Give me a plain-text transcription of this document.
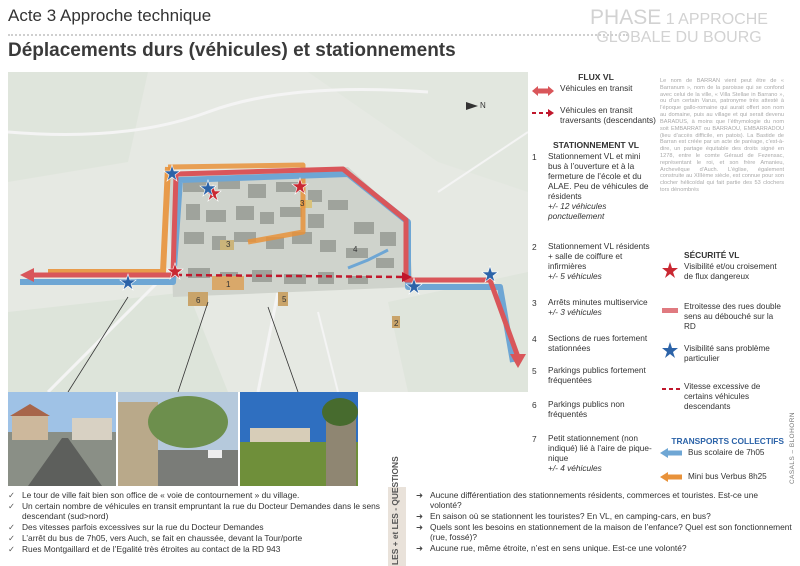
Acte 3 Approche technique
Déplacements durs (véhicules) et stationnements
PHASE 1 APPROCHE
GLOBALE DU BOURG
6
3
4
5
3
1
2
N
FLUX VL
Véhicules en transit
Véhicules en transit traversants (descendants)
STATIONNEMENT VL
1	Stationnement VL et mini bus à l’ouverture et à la fermeture de l’école et du ALAE. Peu de véhicules de résidents
+/- 12 véhicules ponctuellement
2	Stationnement VL résidents + salle de coiffure et infirmières
+/- 5 véhicules
3	Arrêts minutes multiservice
+/- 3 véhicules
4	Sections de rues fortement stationnées
5	Parkings publics fortement fréquentées
6	Parkings publics non fréquentés
7	Petit stationnement (non indiqué) lié à l’aire de pique-nique
+/- 4 véhicules
Le nom de BARRAN vient peut être de « Barranum », nom de la paroisse qui se confond avec celui de la ville, « Villa Stellae in Barrano », ou d’un certain Varus, patronyme très attesté à l’époque gallo-romaine qui aurait offert son nom au domaine, puis au village et qui serait devenu BARADUS, à moins que l’éthymologie du nom soit EMBARRAT ou BARRAOU, EMBARRADOU (lieu d’accès difficile, en patois). La Bastide de Barran est créée par un acte de paréage, c’est-à-dire, un partage équitable des droits signé en 1278, entre le comte Géraud de Fezensac, représentant le roi, et son frère Amanieu, Archevêque d’Auch. L’église, également construite au XIIIème siècle, est connue pour son clocher hélicoïdal qui fait partie des 53 clochers tors dénombrés
SÉCURITÉ VL
Visibilité et/ou croisement de flux dangereux
Etroitesse des rues double sens au débouché sur la RD
Visibilité sans problème particulier
Vitesse excessive de certains véhicules descendants
TRANSPORTS COLLECTIFS
Bus scolaire de 7h05
Mini bus Verbus 8h25	CASALS – BLOHORN
✓ Le tour de ville fait bien son office de « voie de contournement » du village.
✓ Un certain nombre de véhicules en transit empruntant la rue du Docteur Demandes dans le sens descendant (sud>nord)
✓ Des vitesses parfois excessives sur la rue du Docteur Demandes
✓ L’arrêt du bus de 7h05, vers Auch, se fait en chaussée, devant la Tour/porte
✓ Rues Montgaillard et de l’Egalité très étroites au contact de la RD 943	LES + et LES - QUESTIONS
➜	Aucune différentiation des stationnements résidents, commerces et touristes. Est-ce une volonté?
➜ En saison où se stationnent les touristes? En VL, en camping-cars, en bus?
➜ Quels sont les besoins en stationnement de la maison de l’enfance? Quel est son fonctionnement (rue, fossé)?
➜ Aucune rue, même étroite, n’est en sens unique. Est-ce une volonté?
